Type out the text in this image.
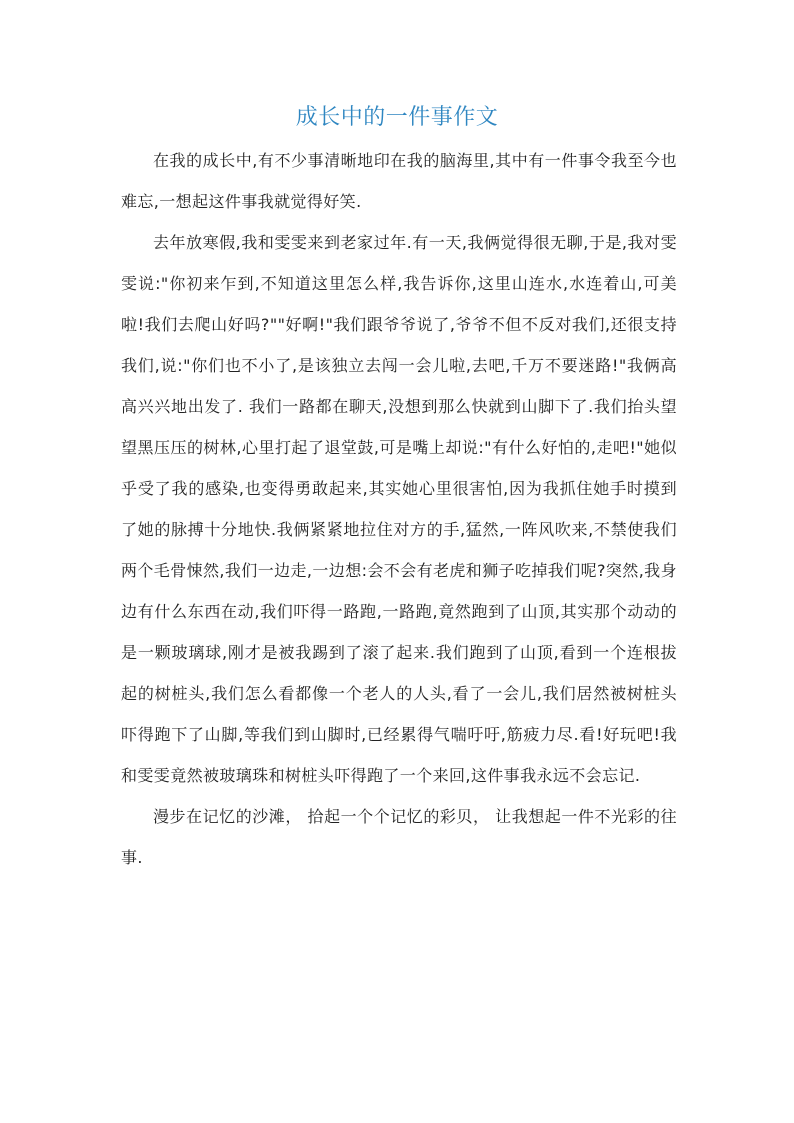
成长中的一件事作文

在我的成长中,有不少事清晰地印在我的脑海里,其中有一件事令我至今也难忘,一想起这件事我就觉得好笑.

去年放寒假,我和雯雯来到老家过年.有一天,我俩觉得很无聊,于是,我对雯雯说:"你初来乍到,不知道这里怎么样,我告诉你,这里山连水,水连着山,可美啦!我们去爬山好吗?""好啊!"我们跟爷爷说了,爷爷不但不反对我们,还很支持我们,说:"你们也不小了,是该独立去闯一会儿啦,去吧,千万不要迷路!"我俩高高兴兴地出发了. 我们一路都在聊天,没想到那么快就到山脚下了.我们抬头望望黑压压的树林,心里打起了退堂鼓,可是嘴上却说:"有什么好怕的,走吧!"她似乎受了我的感染,也变得勇敢起来,其实她心里很害怕,因为我抓住她手时摸到了她的脉搏十分地快.我俩紧紧地拉住对方的手,猛然,一阵风吹来,不禁使我们两个毛骨悚然,我们一边走,一边想:会不会有老虎和狮子吃掉我们呢?突然,我身边有什么东西在动,我们吓得一路跑,一路跑,竟然跑到了山顶,其实那个动动的是一颗玻璃球,刚才是被我踢到了滚了起来.我们跑到了山顶,看到一个连根拔起的树桩头,我们怎么看都像一个老人的人头,看了一会儿,我们居然被树桩头吓得跑下了山脚,等我们到山脚时,已经累得气喘吁吁,筋疲力尽.看!好玩吧!我和雯雯竟然被玻璃珠和树桩头吓得跑了一个来回,这件事我永远不会忘记.

漫步在记忆的沙滩， 拾起一个个记忆的彩贝， 让我想起一件不光彩的往事.
